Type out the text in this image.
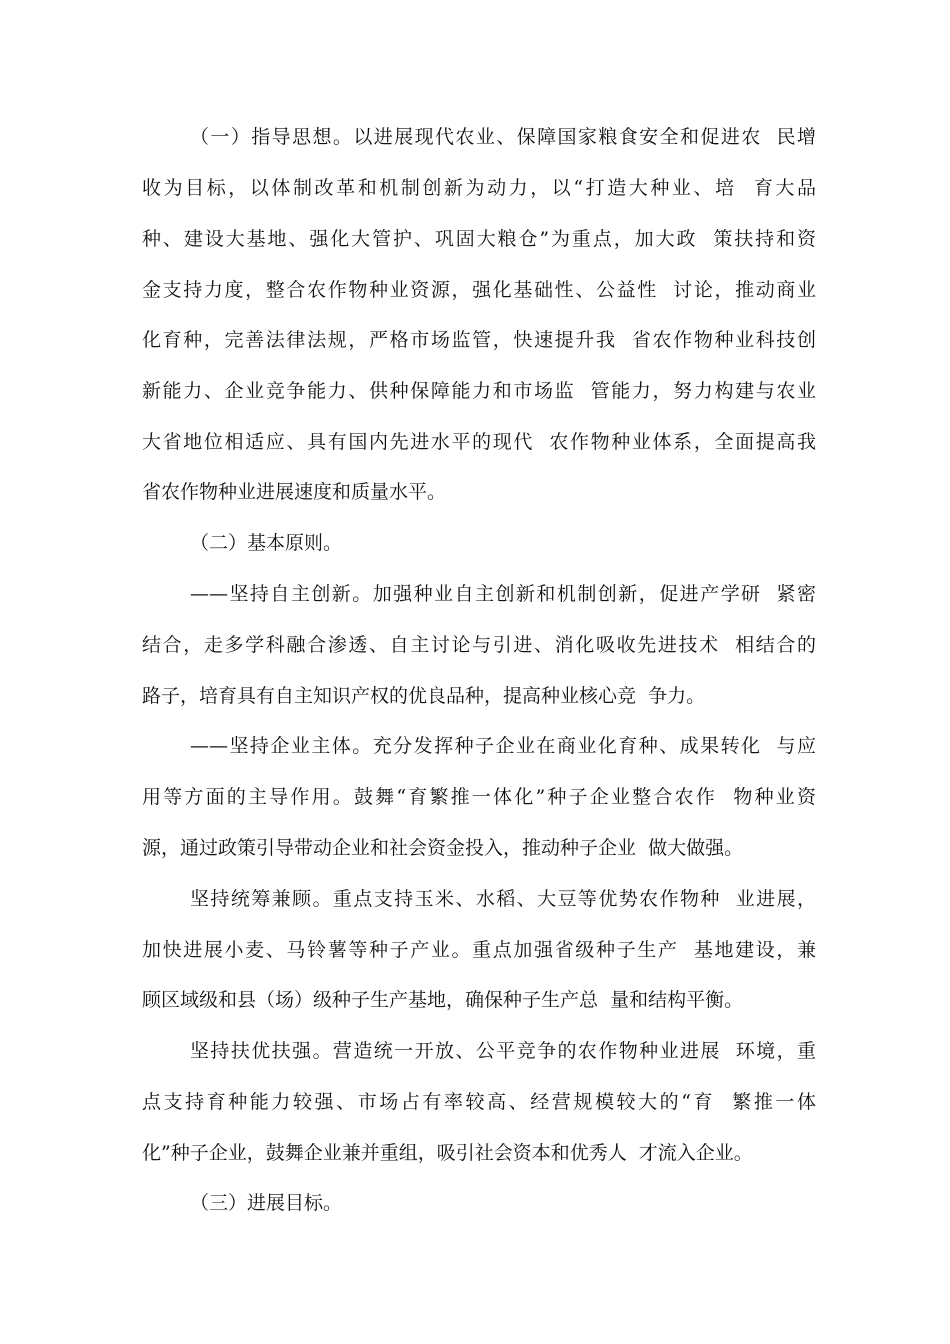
（一）指导思想。以进展现代农业、保障国家粮食安全和促进农  民增

收为目标，以体制改革和机制创新为动力，以“打造大种业、培  育大品

种、建设大基地、强化大管护、巩固大粮仓”为重点，加大政  策扶持和资

金支持力度，整合农作物种业资源，强化基础性、公益性  讨论，推动商业

化育种，完善法律法规，严格市场监管，快速提升我  省农作物种业科技创

新能力、企业竞争能力、供种保障能力和市场监  管能力，努力构建与农业

大省地位相适应、具有国内先进水平的现代  农作物种业体系，全面提高我

省农作物种业进展速度和质量水平。

（二）基本原则。

——坚持自主创新。加强种业自主创新和机制创新，促进产学研  紧密

结合，走多学科融合渗透、自主讨论与引进、消化吸收先进技术  相结合的

路子，培育具有自主知识产权的优良品种，提高种业核心竞  争力。

——坚持企业主体。充分发挥种子企业在商业化育种、成果转化  与应

用等方面的主导作用。鼓舞“育繁推一体化”种子企业整合农作  物种业资

源，通过政策引导带动企业和社会资金投入，推动种子企业  做大做强。

坚持统筹兼顾。重点支持玉米、水稻、大豆等优势农作物种  业进展，

加快进展小麦、马铃薯等种子产业。重点加强省级种子生产  基地建设，兼

顾区域级和县（场）级种子生产基地，确保种子生产总  量和结构平衡。

坚持扶优扶强。营造统一开放、公平竞争的农作物种业进展  环境，重

点支持育种能力较强、市场占有率较高、经营规模较大的“育  繁推一体

化”种子企业，鼓舞企业兼并重组，吸引社会资本和优秀人  才流入企业。

（三）进展目标。
